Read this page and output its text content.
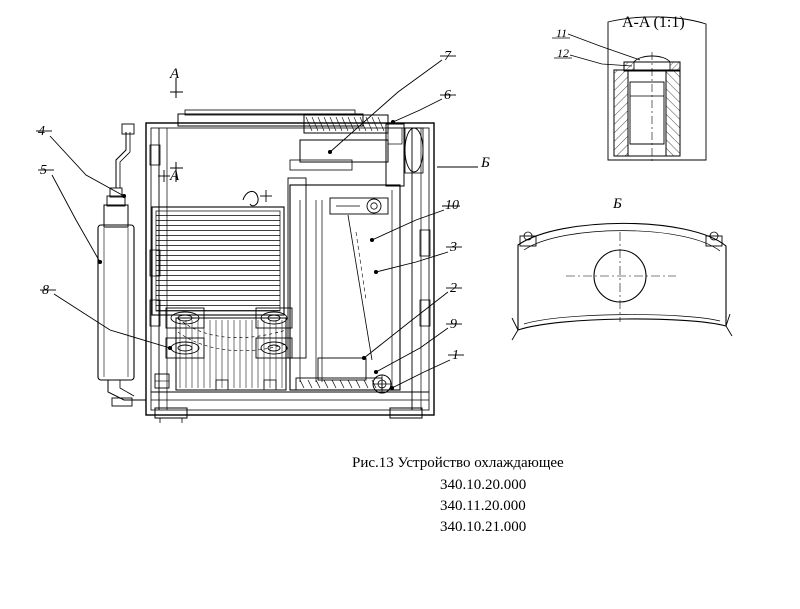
4
5
8
7
6
10
3
2
9
1
11
12
A
A
Б
Б
A-A (1:1)
Рис.13 Устройство охлаждающее
340.10.20.000
340.11.20.000
340.10.21.000
